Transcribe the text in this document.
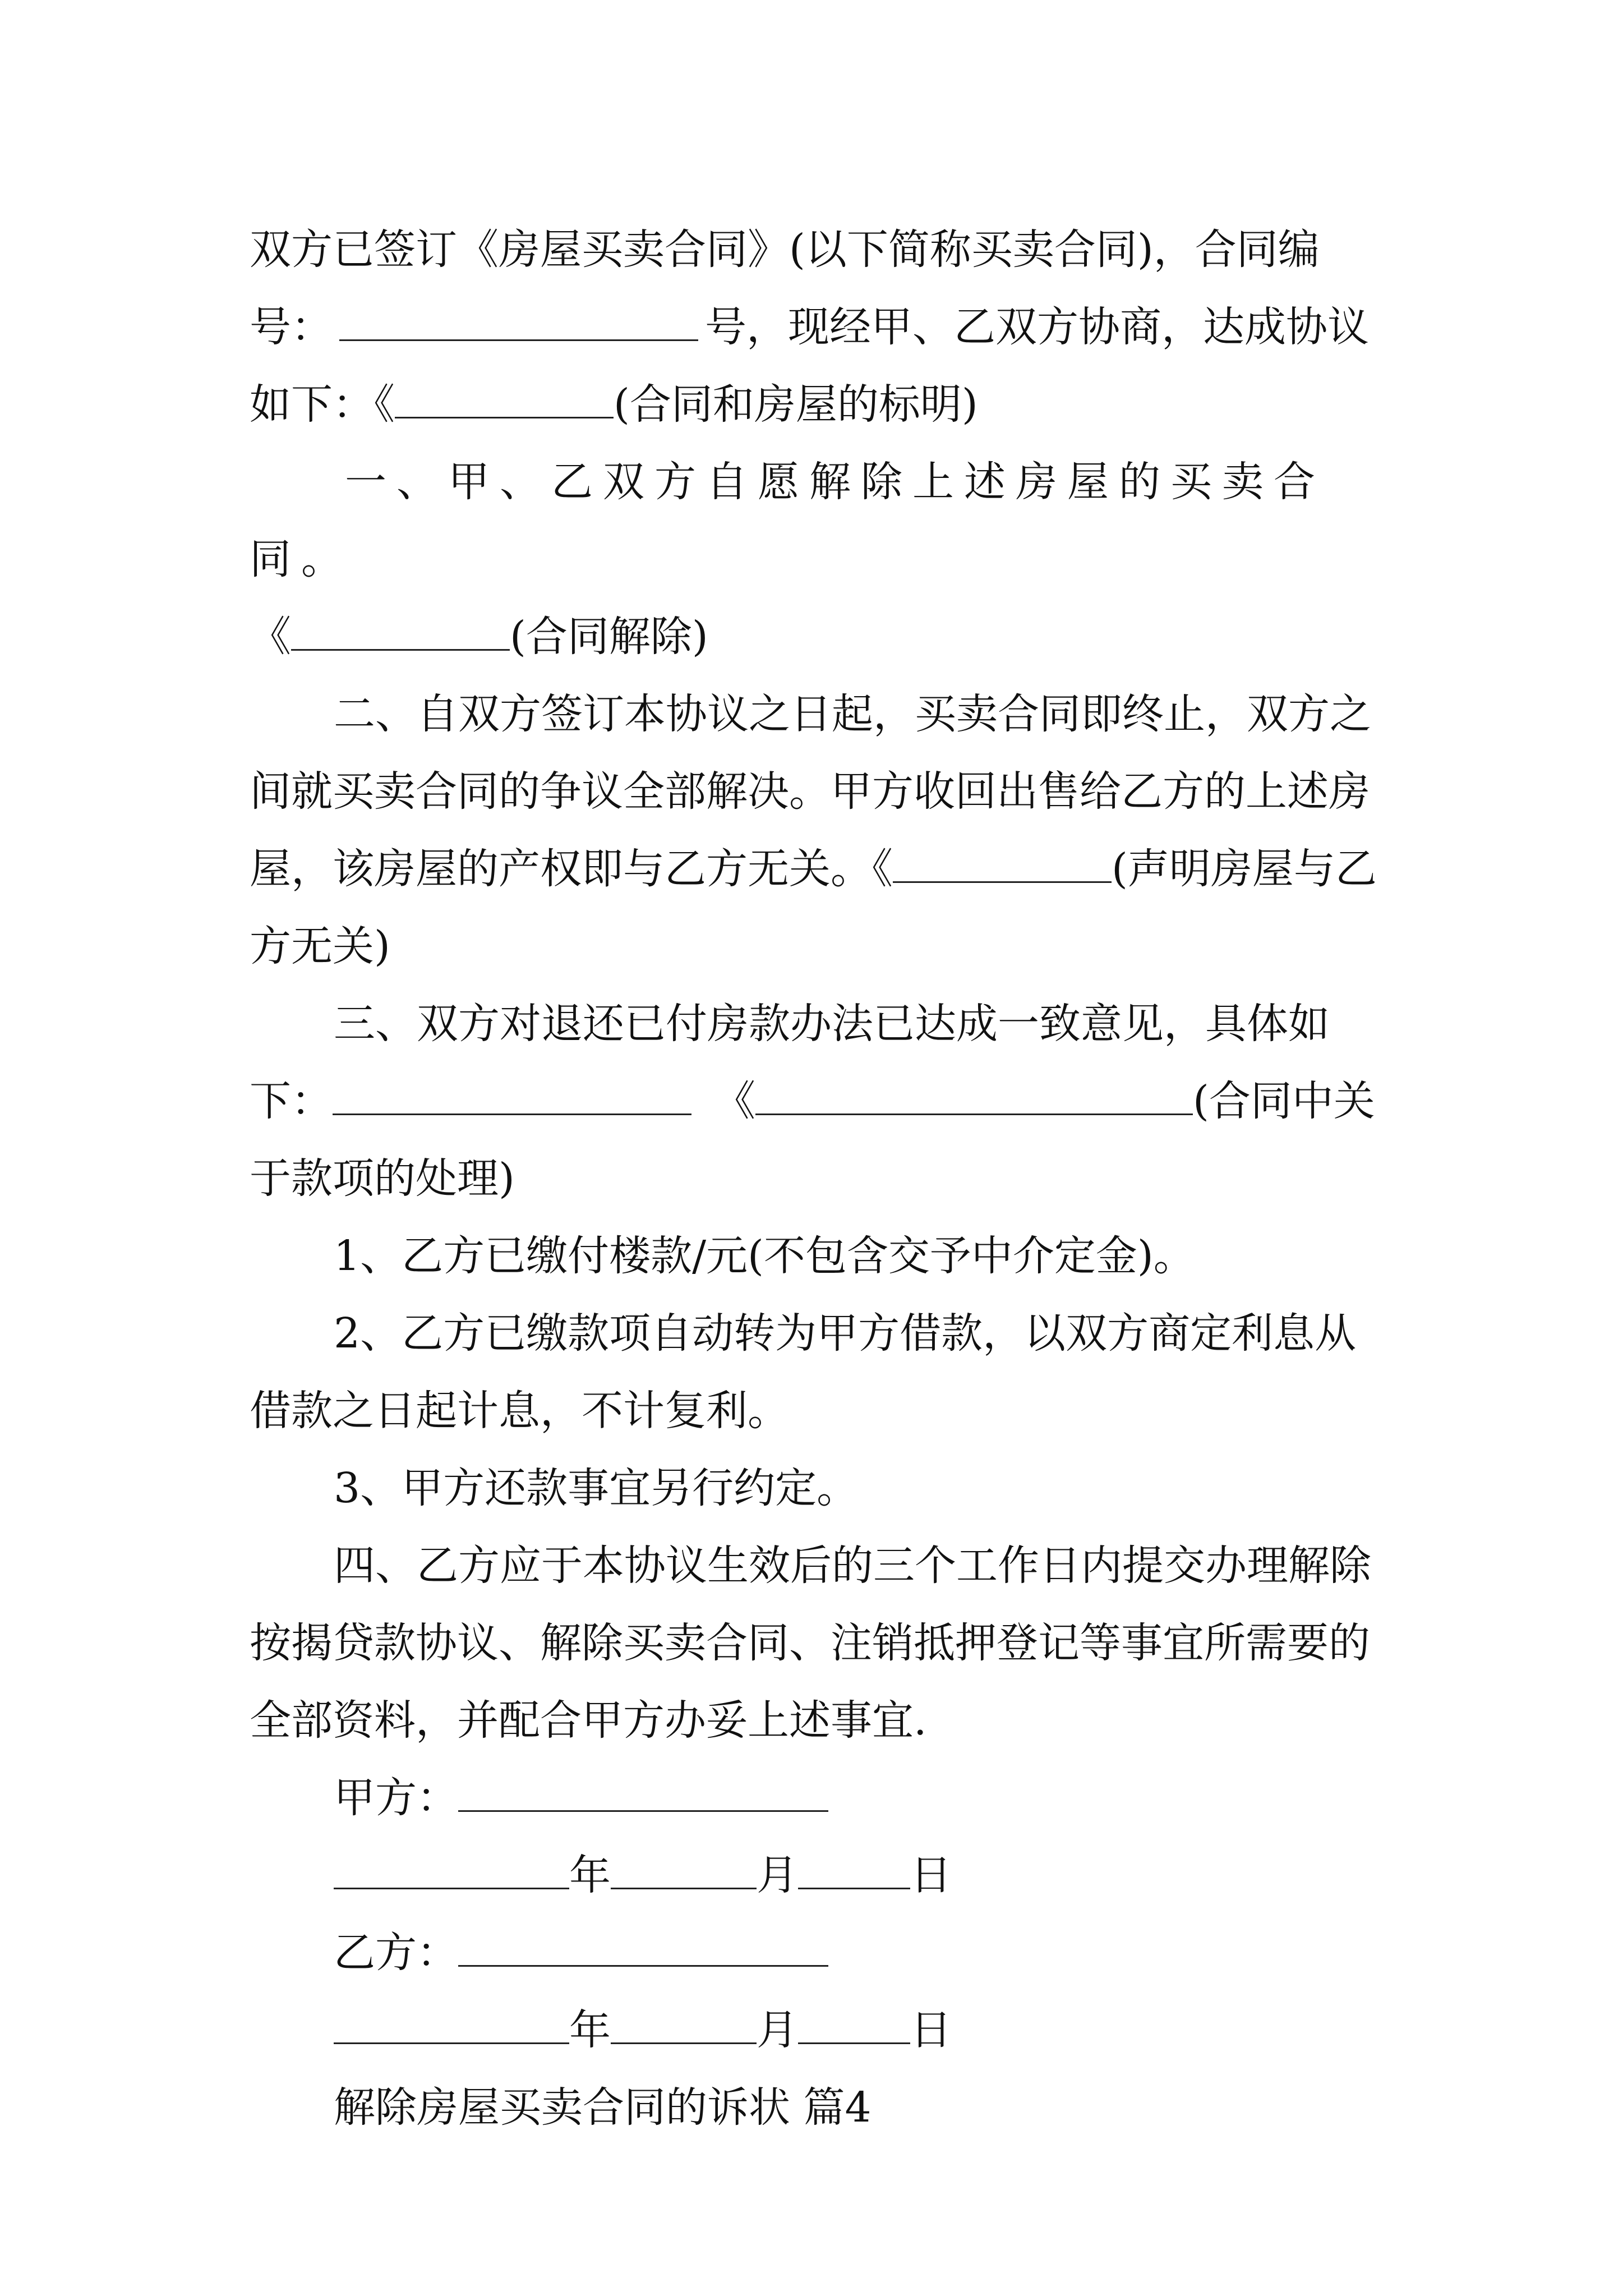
双方已签订《房屋买卖合同》(以下简称买卖合同)，合同编号：	号，现经甲、乙双方协商，达成协议如下：《	(合同和房屋的标明)

一、甲、乙双方自愿解除上述房屋的买卖合同。

《	(合同解除)

二、自双方签订本协议之日起，买卖合同即终止，双方之间就买卖合同的争议全部解决。甲方收回出售给乙方的上述房屋，该房屋的产权即与乙方无关。《	(声明房屋与乙方无关)

三、双方对退还已付房款办法已达成一致意见，具体如下：	《	(合同中关于款项的处理)

1、乙方已缴付楼款/元(不包含交予中介定金)。

2、乙方已缴款项自动转为甲方借款，以双方商定利息从借款之日起计息，不计复利。

3、甲方还款事宜另行约定。

四、乙方应于本协议生效后的三个工作日内提交办理解除按揭贷款协议、解除买卖合同、注销抵押登记等事宜所需要的全部资料，并配合甲方办妥上述事宜.

甲方：

年	月	日

乙方：

年	月	日

解除房屋买卖合同的诉状 篇4
